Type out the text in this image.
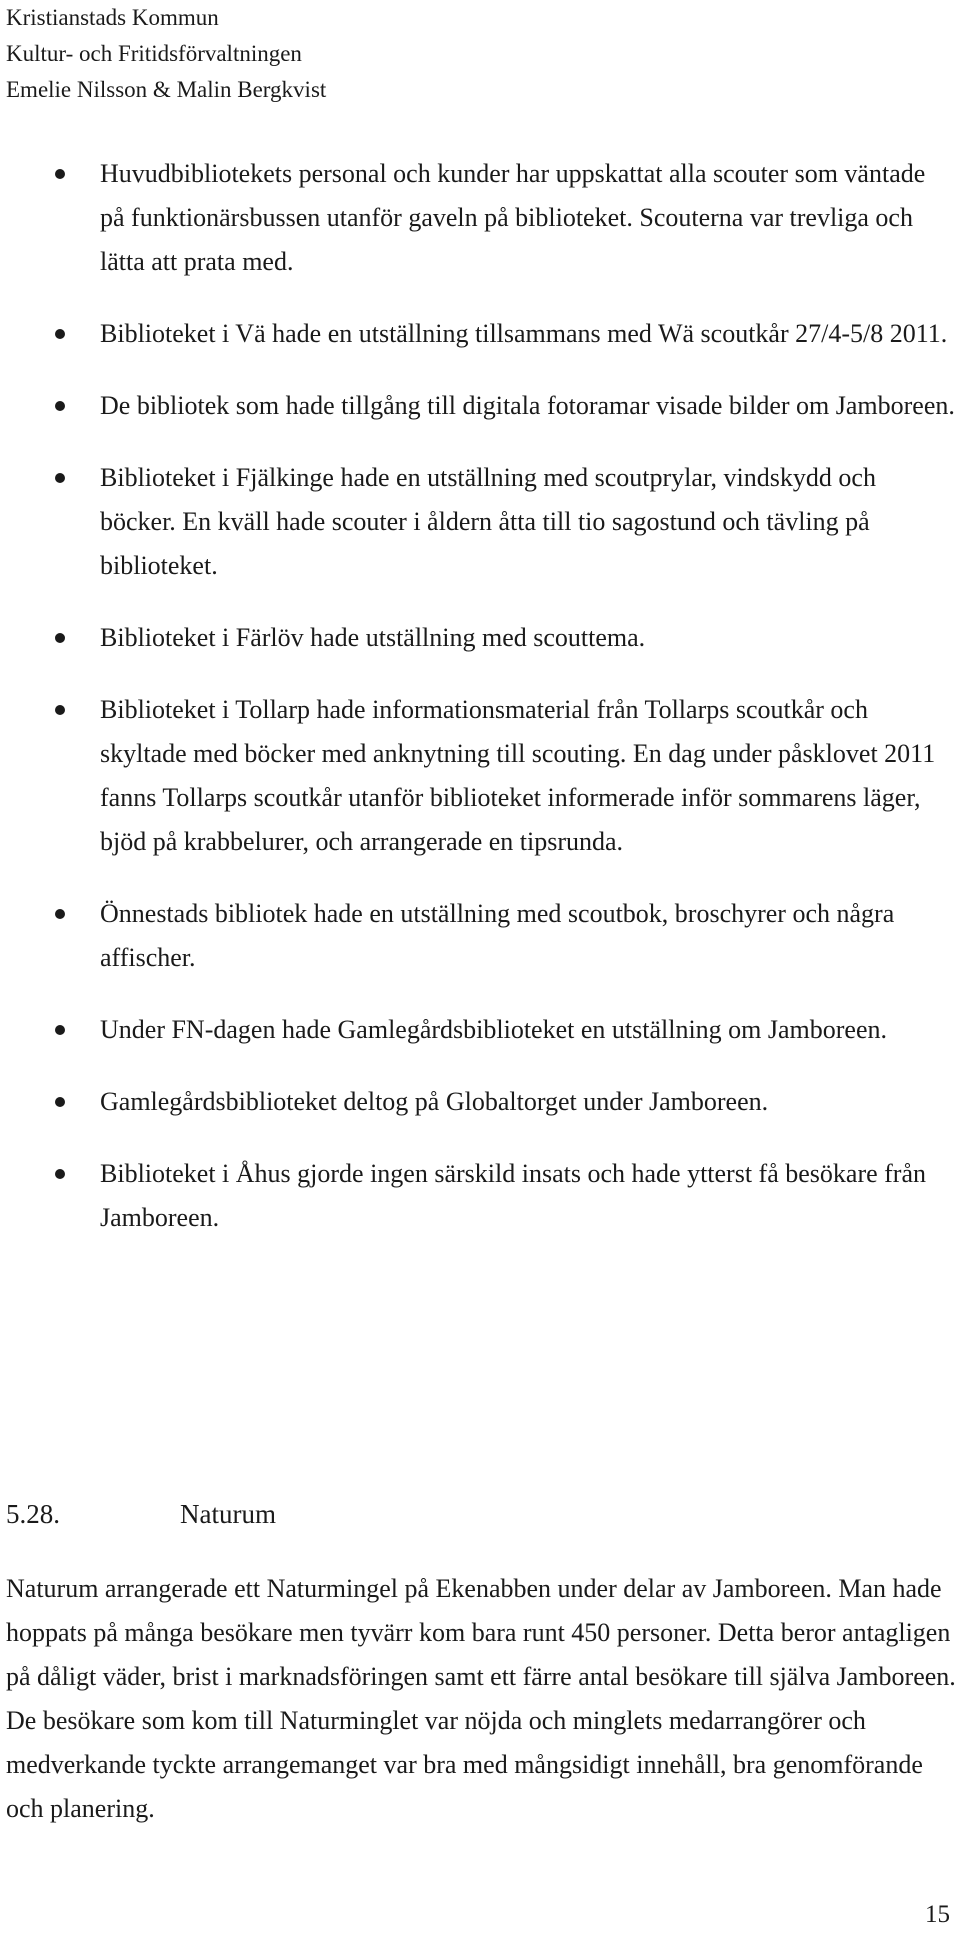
Kristianstads Kommun
Kultur- och Fritidsförvaltningen
Emelie Nilsson & Malin Bergkvist
Huvudbibliotekets personal och kunder har uppskattat alla scouter som väntade på funktionärsbussen utanför gaveln på biblioteket. Scouterna var trevliga och lätta att prata med.
Biblioteket i Vä hade en utställning tillsammans med Wä scoutkår 27/4-5/8 2011.
De bibliotek som hade tillgång till digitala fotoramar visade bilder om Jamboreen.
Biblioteket i Fjälkinge hade en utställning med scoutprylar, vindskydd och böcker. En kväll hade scouter i åldern åtta till tio sagostund och tävling på biblioteket.
Biblioteket i Färlöv hade utställning med scouttema.
Biblioteket i Tollarp hade informationsmaterial från Tollarps scoutkår och skyltade med böcker med anknytning till scouting. En dag under påsklovet 2011 fanns Tollarps scoutkår utanför biblioteket informerade inför sommarens läger, bjöd på krabbelurer, och arrangerade en tipsrunda.
Önnestads bibliotek hade en utställning med scoutbok, broschyrer och några affischer.
Under FN-dagen hade Gamlegårdsbiblioteket en utställning om Jamboreen.
Gamlegårdsbiblioteket deltog på Globaltorget under Jamboreen.
Biblioteket i Åhus gjorde ingen särskild insats och hade ytterst få besökare från Jamboreen.
5.28.	Naturum

Naturum arrangerade ett Naturmingel på Ekenabben under delar av Jamboreen. Man hade hoppats på många besökare men tyvärr kom bara runt 450 personer. Detta beror antagligen på dåligt väder, brist i marknadsföringen samt ett färre antal besökare till själva Jamboreen. De besökare som kom till Naturminglet var nöjda och minglets medarrangörer och medverkande tyckte arrangemanget var bra med mångsidigt innehåll, bra genomförande och planering.

15
